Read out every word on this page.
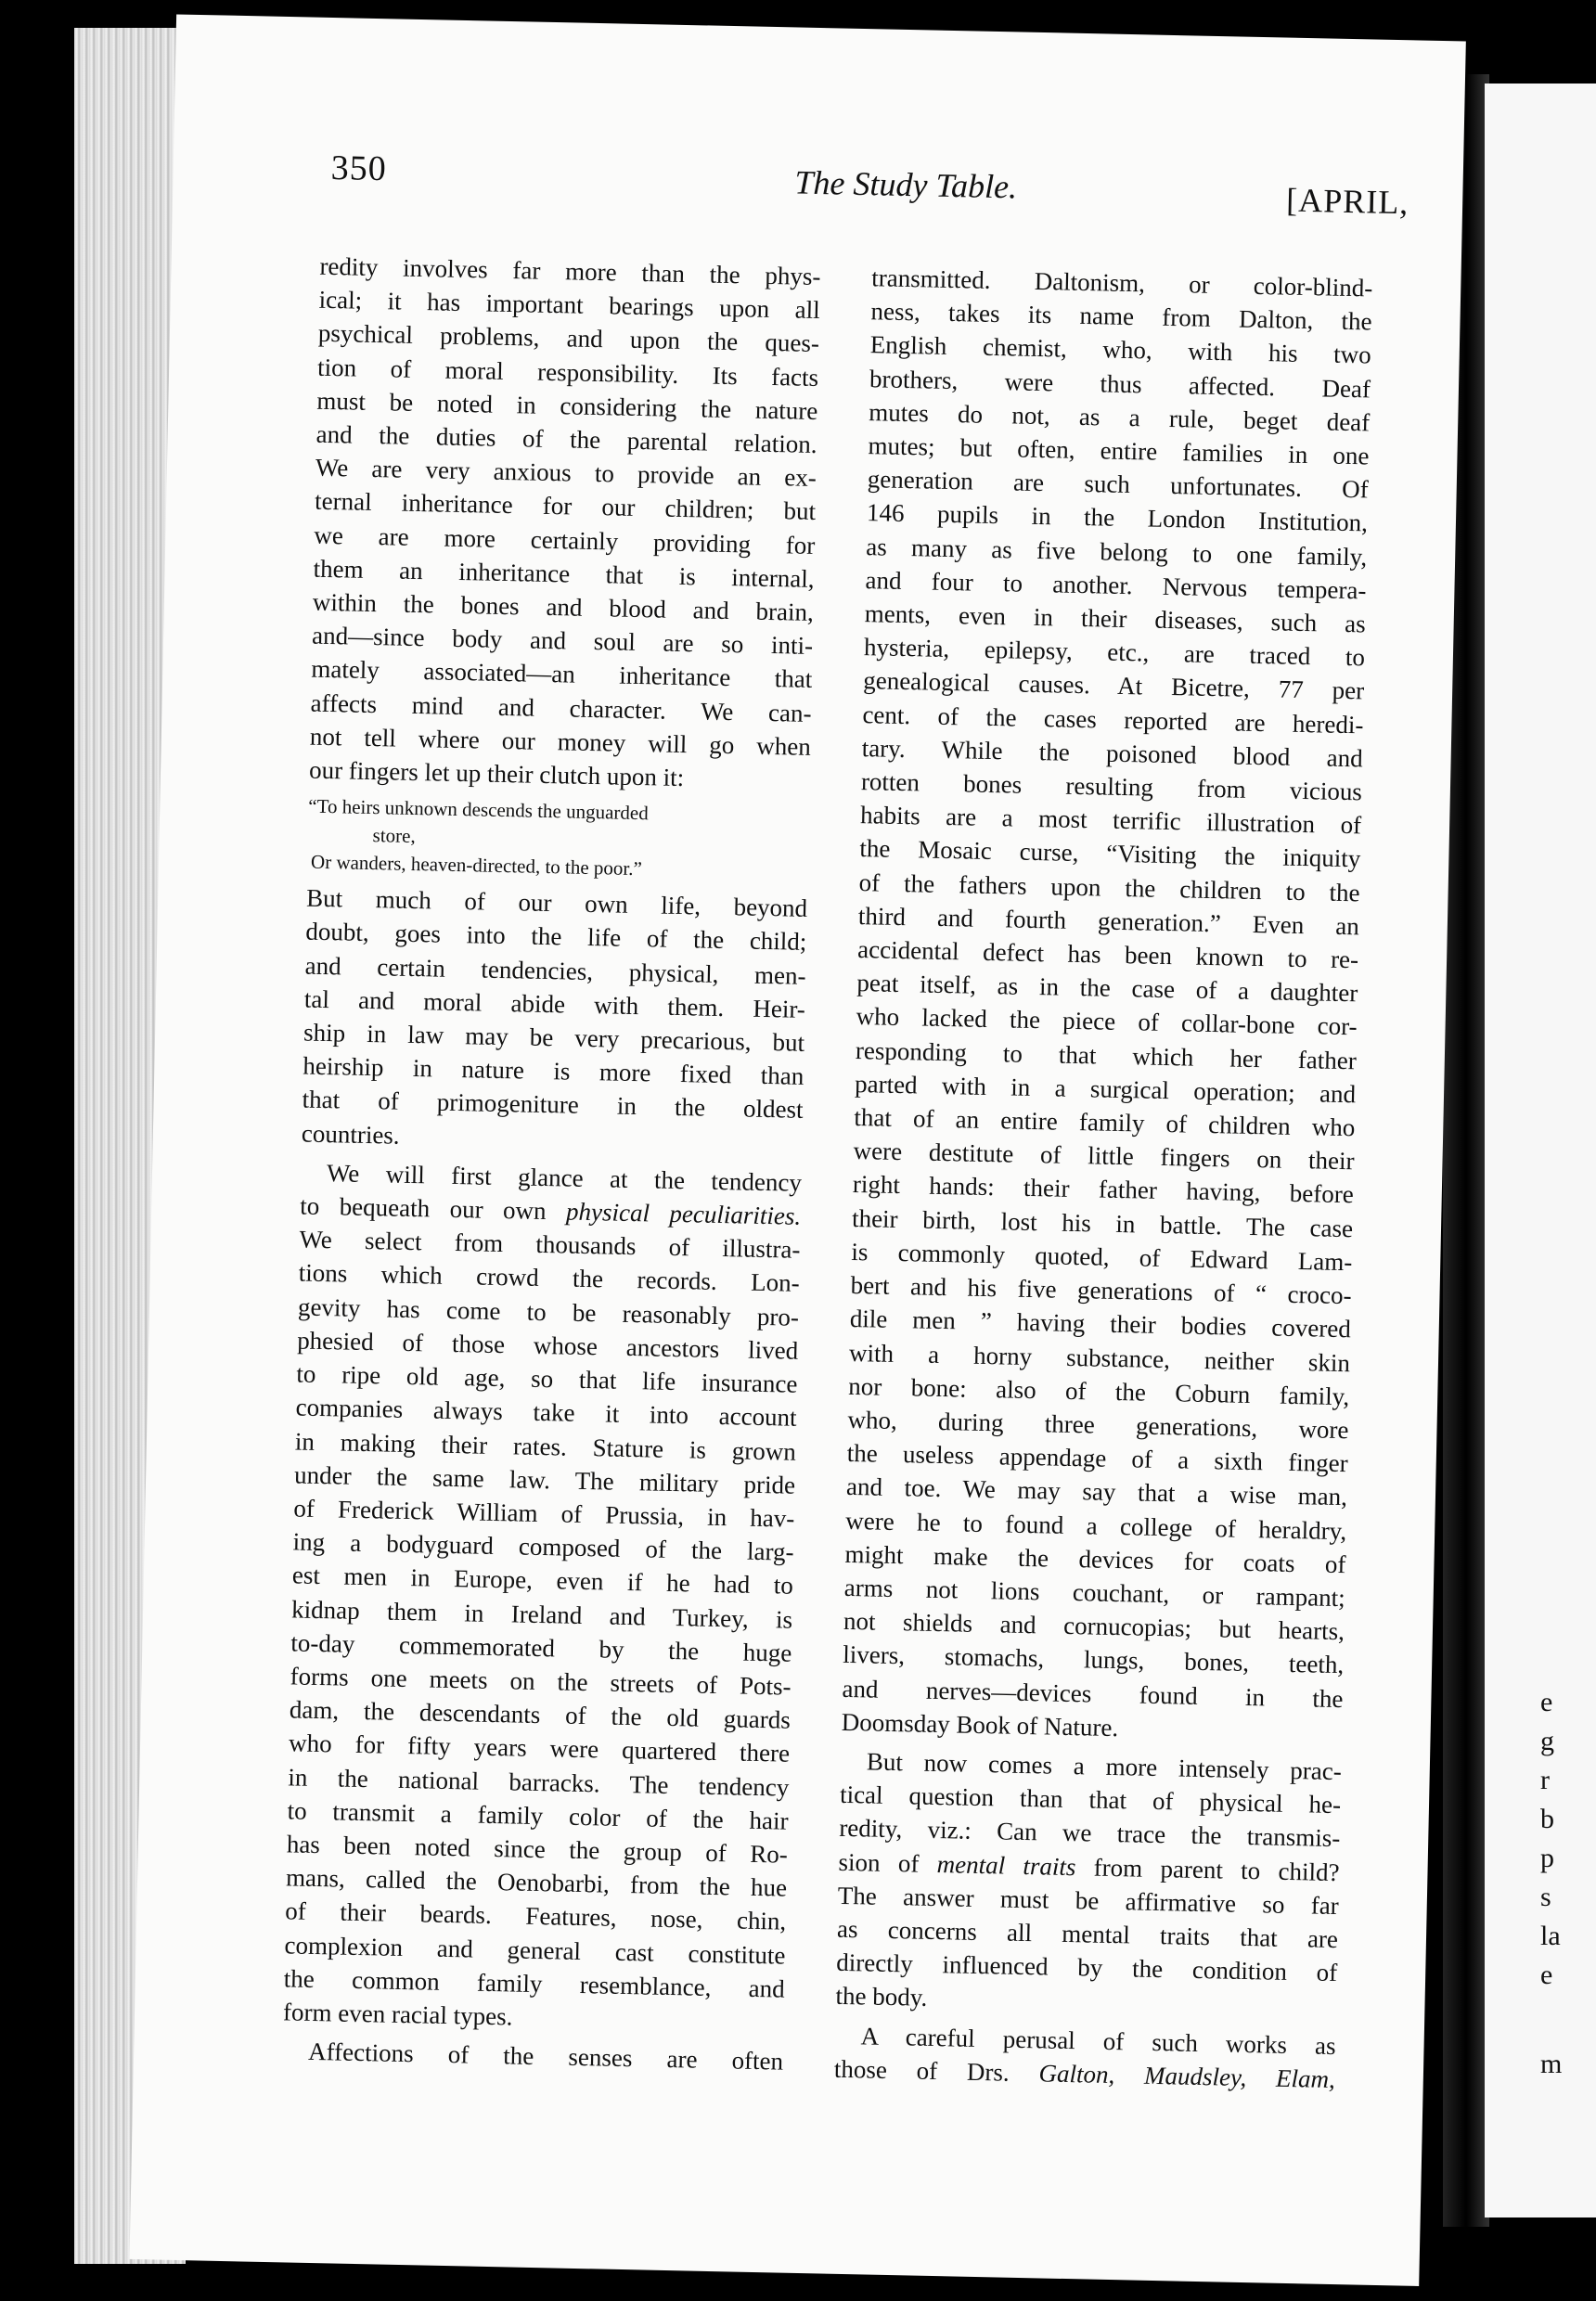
e
g
r
b
p
s
la
e
m
350	The Study Table.	[APRIL,
redity involves far more than the phys-
ical; it has important bearings upon all
psychical problems, and upon the ques-
tion of moral responsibility. Its facts
must be noted in considering the nature
and the duties of the parental relation.
We are very anxious to provide an ex-
ternal inheritance for our children; but
we are more certainly providing for
them an inheritance that is internal,
within the bones and blood and brain,
and—since body and soul are so inti-
mately associated—an inheritance that
affects mind and character. We can-
not tell where our money will go when
our fingers let up their clutch upon it:
“To heirs unknown descends the unguarded
store,
Or wanders, heaven-directed, to the poor.”
But much of our own life, beyond
doubt, goes into the life of the child;
and certain tendencies, physical, men-
tal and moral abide with them. Heir-
ship in law may be very precarious, but
heirship in nature is more fixed than
that of primogeniture in the oldest
countries.
We will first glance at the tendency
to bequeath our own physical peculiarities.
We select from thousands of illustra-
tions which crowd the records. Lon-
gevity has come to be reasonably pro-
phesied of those whose ancestors lived
to ripe old age, so that life insurance
companies always take it into account
in making their rates. Stature is grown
under the same law. The military pride
of Frederick William of Prussia, in hav-
ing a bodyguard composed of the larg-
est men in Europe, even if he had to
kidnap them in Ireland and Turkey, is
to-day commemorated by the huge
forms one meets on the streets of Pots-
dam, the descendants of the old guards
who for fifty years were quartered there
in the national barracks. The tendency
to transmit a family color of the hair
has been noted since the group of Ro-
mans, called the Oenobarbi, from the hue
of their beards. Features, nose, chin,
complexion and general cast constitute
the common family resemblance, and
form even racial types.
Affections of the senses are often
transmitted. Daltonism, or color-blind-
ness, takes its name from Dalton, the
English chemist, who, with his two
brothers, were thus affected. Deaf
mutes do not, as a rule, beget deaf
mutes; but often, entire families in one
generation are such unfortunates. Of
146 pupils in the London Institution,
as many as five belong to one family,
and four to another. Nervous tempera-
ments, even in their diseases, such as
hysteria, epilepsy, etc., are traced to
genealogical causes. At Bicetre, 77 per
cent. of the cases reported are heredi-
tary. While the poisoned blood and
rotten bones resulting from vicious
habits are a most terrific illustration of
the Mosaic curse, “Visiting the iniquity
of the fathers upon the children to the
third and fourth generation.” Even an
accidental defect has been known to re-
peat itself, as in the case of a daughter
who lacked the piece of collar-bone cor-
responding to that which her father
parted with in a surgical operation; and
that of an entire family of children who
were destitute of little fingers on their
right hands: their father having, before
their birth, lost his in battle. The case
is commonly quoted, of Edward Lam-
bert and his five generations of “ croco-
dile men ” having their bodies covered
with a horny substance, neither skin
nor bone: also of the Coburn family,
who, during three generations, wore
the useless appendage of a sixth finger
and toe. We may say that a wise man,
were he to found a college of heraldry,
might make the devices for coats of
arms not lions couchant, or rampant;
not shields and cornucopias; but hearts,
livers, stomachs, lungs, bones, teeth,
and nerves—devices found in the
Doomsday Book of Nature.
But now comes a more intensely prac-
tical question than that of physical he-
redity, viz.: Can we trace the transmis-
sion of mental traits from parent to child?
The answer must be affirmative so far
as concerns all mental traits that are
directly influenced by the condition of
the body.
A careful perusal of such works as
those of Drs. Galton, Maudsley, Elam,
